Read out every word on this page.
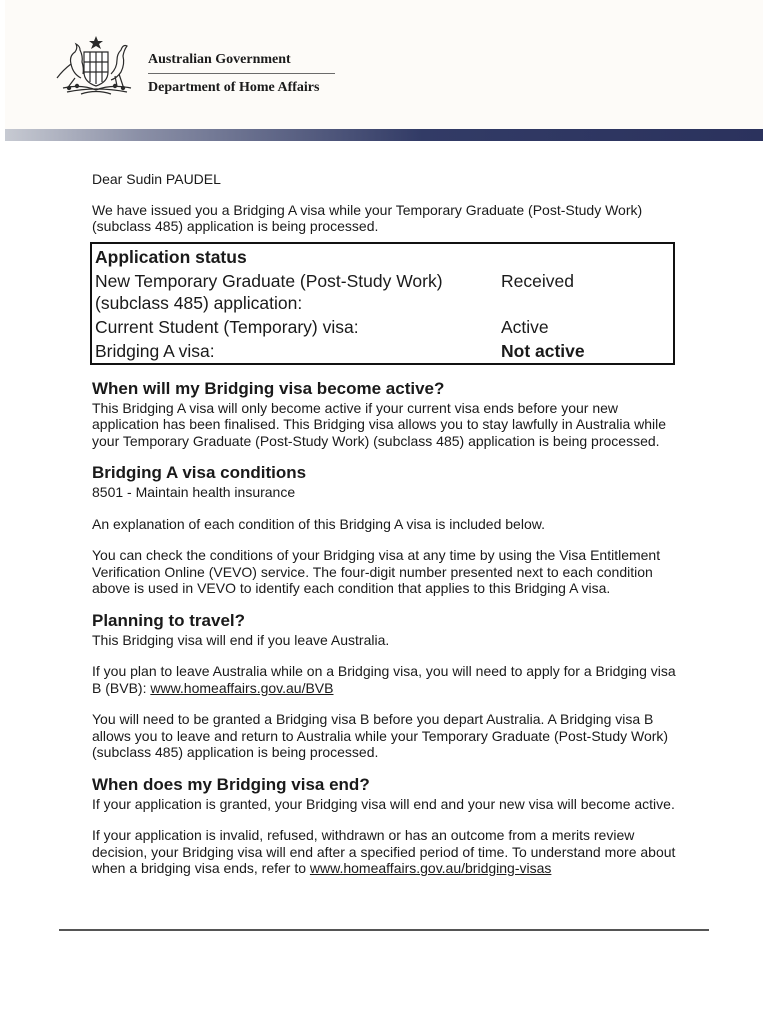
Australian Government
Department of Home Affairs

Dear Sudin PAUDEL

We have issued you a Bridging A visa while your Temporary Graduate (Post-Study Work) (subclass 485) application is being processed.

Application status	
New Temporary Graduate (Post-Study Work) (subclass 485) application:	Received
Current Student (Temporary) visa:	Active
Bridging A visa:	Not active
When will my Bridging visa become active?

This Bridging A visa will only become active if your current visa ends before your new application has been finalised. This Bridging visa allows you to stay lawfully in Australia while your Temporary Graduate (Post-Study Work) (subclass 485) application is being processed.

Bridging A visa conditions

8501 - Maintain health insurance

An explanation of each condition of this Bridging A visa is included below.

You can check the conditions of your Bridging visa at any time by using the Visa Entitlement Verification Online (VEVO) service. The four-digit number presented next to each condition above is used in VEVO to identify each condition that applies to this Bridging A visa.

Planning to travel?

This Bridging visa will end if you leave Australia.

If you plan to leave Australia while on a Bridging visa, you will need to apply for a Bridging visa B (BVB): www.homeaffairs.gov.au/BVB

You will need to be granted a Bridging visa B before you depart Australia. A Bridging visa B allows you to leave and return to Australia while your Temporary Graduate (Post-Study Work) (subclass 485) application is being processed.

When does my Bridging visa end?

If your application is granted, your Bridging visa will end and your new visa will become active.

If your application is invalid, refused, withdrawn or has an outcome from a merits review decision, your Bridging visa will end after a specified period of time. To understand more about when a bridging visa ends, refer to www.homeaffairs.gov.au/bridging-visas
